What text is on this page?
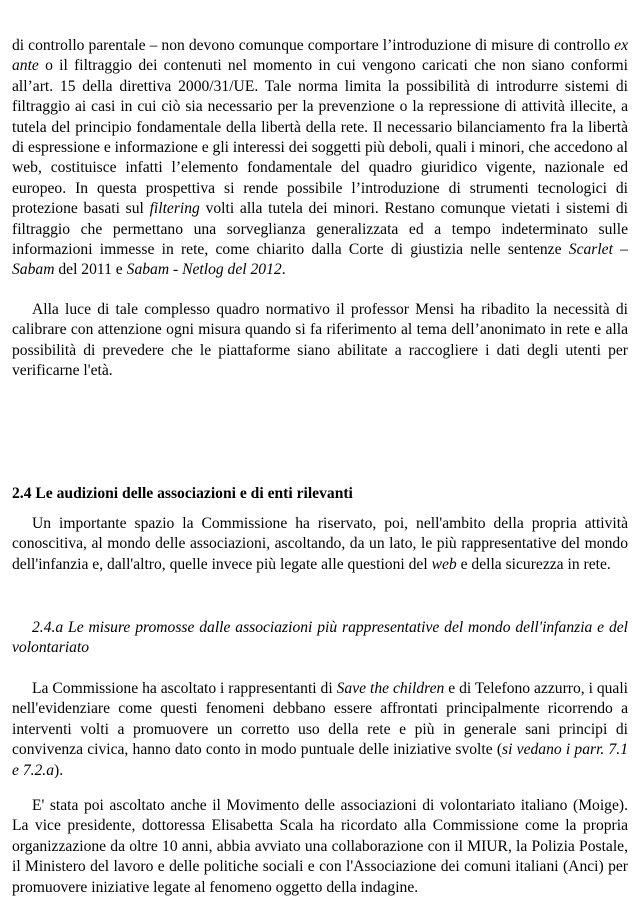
di controllo parentale – non devono comunque comportare l’introduzione di misure di controllo ex ante o il filtraggio dei contenuti nel momento in cui vengono caricati che non siano conformi all’art. 15 della direttiva 2000/31/UE. Tale norma limita la possibilità di introdurre sistemi di filtraggio ai casi in cui ciò sia necessario per la prevenzione o la repressione di attività illecite, a tutela del principio fondamentale della libertà della rete. Il necessario bilanciamento fra la libertà di espressione e informazione e gli interessi dei soggetti più deboli, quali i minori, che accedono al web, costituisce infatti l’elemento fondamentale del quadro giuridico vigente, nazionale ed europeo. In questa prospettiva si rende possibile l’introduzione di strumenti tecnologici di protezione basati sul filtering volti alla tutela dei minori. Restano comunque vietati i sistemi di filtraggio che permettano una sorveglianza generalizzata ed a tempo indeterminato sulle informazioni immesse in rete, come chiarito dalla Corte di giustizia nelle sentenze Scarlet – Sabam del 2011 e Sabam - Netlog del 2012.

Alla luce di tale complesso quadro normativo il professor Mensi ha ribadito la necessità di calibrare con attenzione ogni misura quando si fa riferimento al tema dell’anonimato in rete e alla possibilità di prevedere che le piattaforme siano abilitate a raccogliere i dati degli utenti per verificarne l'età.

2.4 Le audizioni delle associazioni e di enti rilevanti

Un importante spazio la Commissione ha riservato, poi, nell'ambito della propria attività conoscitiva, al mondo delle associazioni, ascoltando, da un lato, le più rappresentative del mondo dell'infanzia e, dall'altro, quelle invece più legate alle questioni del web e della sicurezza in rete.

2.4.a Le misure promosse dalle associazioni più rappresentative del mondo dell'infanzia e del volontariato

La Commissione ha ascoltato i rappresentanti di Save the children e di Telefono azzurro, i quali nell'evidenziare come questi fenomeni debbano essere affrontati principalmente ricorrendo a interventi volti a promuovere un corretto uso della rete e più in generale sani principi di convivenza civica, hanno dato conto in modo puntuale delle iniziative svolte (si vedano i parr. 7.1 e 7.2.a).

E' stata poi ascoltato anche il Movimento delle associazioni di volontariato italiano (Moige). La vice presidente, dottoressa Elisabetta Scala ha ricordato alla Commissione come la propria organizzazione da oltre 10 anni, abbia avviato una collaborazione con il MIUR, la Polizia Postale, il Ministero del lavoro e delle politiche sociali e con l'Associazione dei comuni italiani (Anci) per promuovere iniziative legate al fenomeno oggetto della indagine.
